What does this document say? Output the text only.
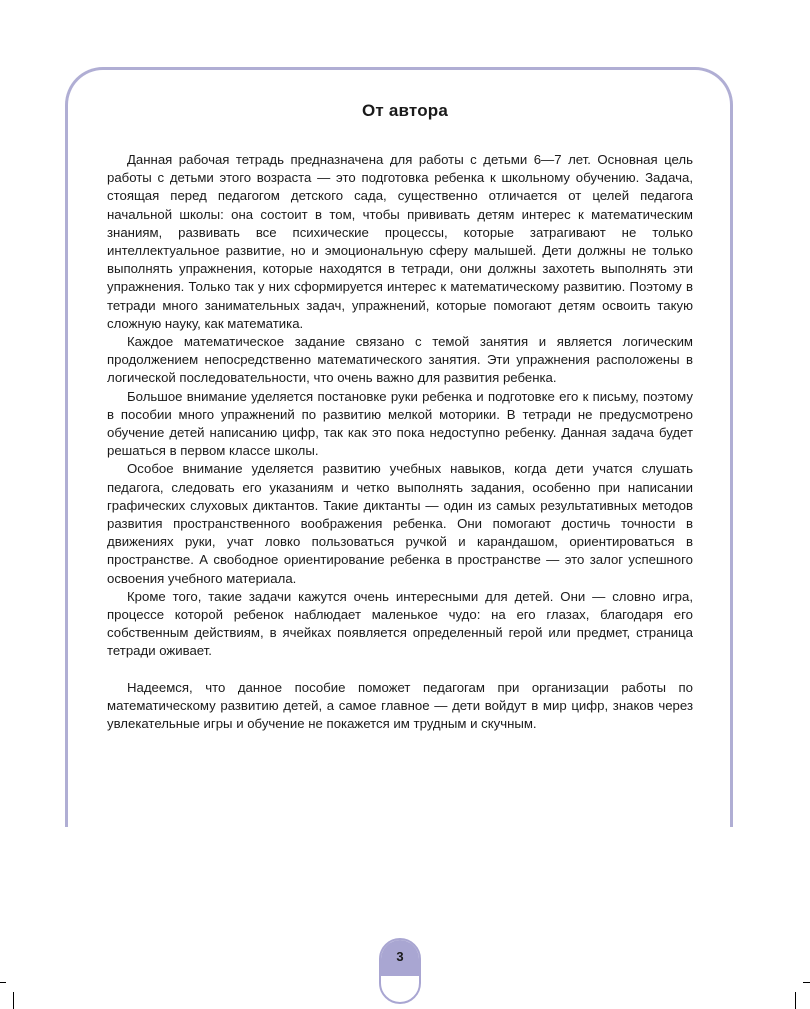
От автора

Данная рабочая тетрадь предназначена для работы с детьми 6—7 лет. Основная цель работы с детьми этого возраста — это подготовка ребенка к школьному обучению. Задача, стоящая перед педагогом детского сада, существенно отличается от целей педагога начальной школы: она состоит в том, чтобы прививать детям интерес к математическим знаниям, развивать все психические процессы, которые затрагивают не только интеллектуальное развитие, но и эмоциональную сферу малышей. Дети должны не только выполнять упражнения, которые находятся в тетради, они должны захотеть выполнять эти упражнения. Только так у них сформируется интерес к математическому развитию. Поэтому в тетради много занимательных задач, упражнений, которые помогают детям освоить такую сложную науку, как математика.

Каждое математическое задание связано с темой занятия и является логическим продолжением непосредственно математического занятия. Эти упражнения расположены в логической последовательности, что очень важно для развития ребенка.

Большое внимание уделяется постановке руки ребенка и подготовке его к письму, поэтому в пособии много упражнений по развитию мелкой моторики. В тетради не предусмотрено обучение детей написанию цифр, так как это пока недоступно ребенку. Данная задача будет решаться в первом классе школы.

Особое внимание уделяется развитию учебных навыков, когда дети учатся слушать педагога, следовать его указаниям и четко выполнять задания, особенно при написании графических слуховых диктантов. Такие диктанты — один из самых результативных методов развития пространственного воображения ребенка. Они помогают достичь точности в движениях руки, учат ловко пользоваться ручкой и карандашом, ориентироваться в пространстве. А свободное ориентирование ребенка в пространстве — это залог успешного освоения учебного материала.

Кроме того, такие задачи кажутся очень интересными для детей. Они — словно игра, процессе которой ребенок наблюдает маленькое чудо: на его глазах, благодаря его собственным действиям, в ячейках появляется определенный герой или предмет, страница тетради оживает.

Надеемся, что данное пособие поможет педагогам при организации работы по математическому развитию детей, а самое главное — дети войдут в мир цифр, знаков через увлекательные игры и обучение не покажется им трудным и скучным.

3
